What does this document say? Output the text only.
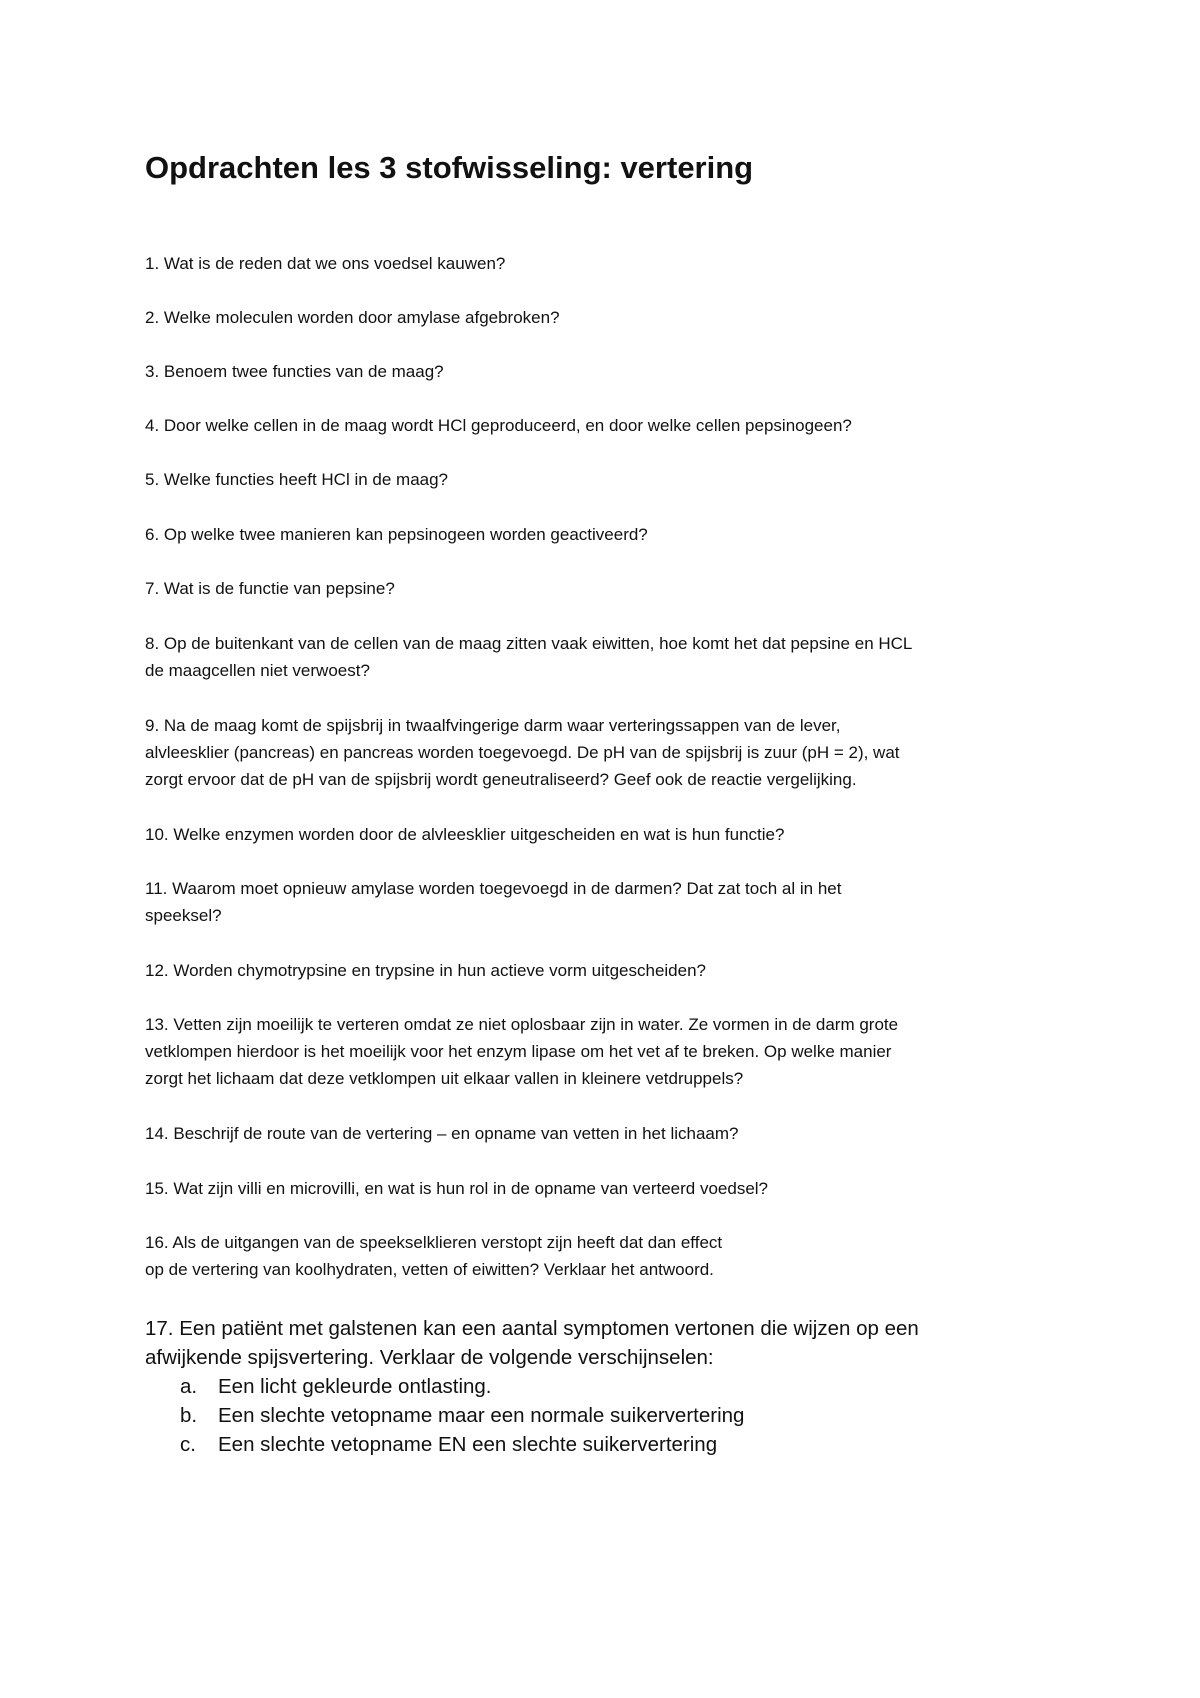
Opdrachten les 3 stofwisseling: vertering
1. Wat is de reden dat we ons voedsel kauwen?
2. Welke moleculen worden door amylase afgebroken?
3. Benoem twee functies van de maag?
4. Door welke cellen in de maag wordt HCl geproduceerd, en door welke cellen pepsinogeen?
5. Welke functies heeft HCl in de maag?
6. Op welke twee manieren kan pepsinogeen worden geactiveerd?
7. Wat is de functie van pepsine?
8. Op de buitenkant van de cellen van de maag zitten vaak eiwitten, hoe komt het dat pepsine en HCL
de maagcellen niet verwoest?
9. Na de maag komt de spijsbrij in twaalfvingerige darm waar verteringssappen van de lever,
alvleesklier (pancreas) en pancreas worden toegevoegd. De pH van de spijsbrij is zuur (pH = 2), wat
zorgt ervoor dat de pH van de spijsbrij wordt geneutraliseerd? Geef ook de reactie vergelijking.
10. Welke enzymen worden door de alvleesklier uitgescheiden en wat is hun functie?
11. Waarom moet opnieuw amylase worden toegevoegd in de darmen? Dat zat toch al in het
speeksel?
12. Worden chymotrypsine en trypsine in hun actieve vorm uitgescheiden?
13. Vetten zijn moeilijk te verteren omdat ze niet oplosbaar zijn in water. Ze vormen in de darm grote
vetklompen hierdoor is het moeilijk voor het enzym lipase om het vet af te breken. Op welke manier
zorgt het lichaam dat deze vetklompen uit elkaar vallen in kleinere vetdruppels?
14. Beschrijf de route van de vertering – en opname van vetten in het lichaam?
15. Wat zijn villi en microvilli, en wat is hun rol in de opname van verteerd voedsel?
16. Als de uitgangen van de speekselklieren verstopt zijn heeft dat dan effect
op de vertering van koolhydraten, vetten of eiwitten? Verklaar het antwoord.
17. Een patiënt met galstenen kan een aantal symptomen vertonen die wijzen op een
afwijkende spijsvertering. Verklaar de volgende verschijnselen:
a. Een licht gekleurde ontlasting.
b. Een slechte vetopname maar een normale suikervertering
c. Een slechte vetopname EN een slechte suikervertering
